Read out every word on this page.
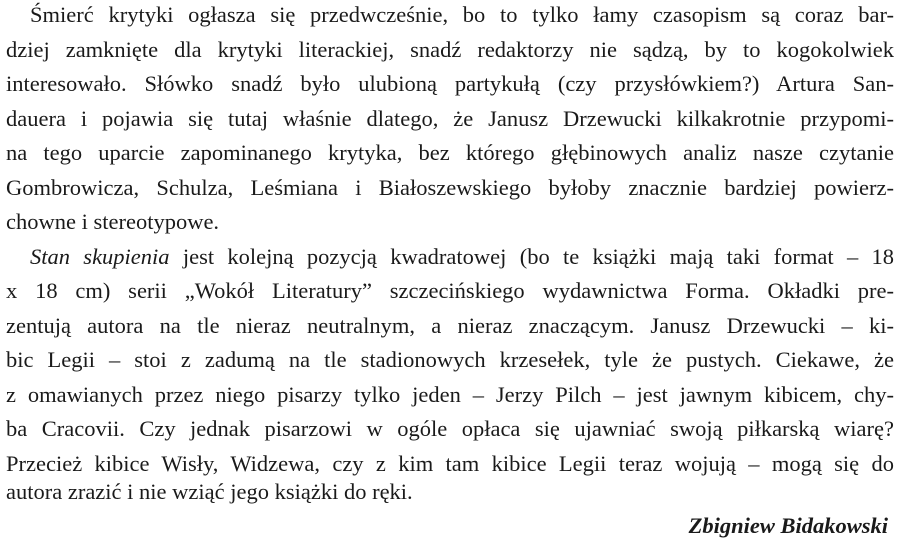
Śmierć krytyki ogłasza się przedwcześnie, bo to tylko łamy czasopism są coraz bar-
dziej zamknięte dla krytyki literackiej, snadź redaktorzy nie sądzą, by to kogokolwiek
interesowało. Słówko snadź było ulubioną partykułą (czy przysłówkiem?) Artura San-
dauera i pojawia się tutaj właśnie dlatego, że Janusz Drzewucki kilkakrotnie przypomi-
na tego uparcie zapominanego krytyka, bez którego głębinowych analiz nasze czytanie
Gombrowicza, Schulza, Leśmiana i Białoszewskiego byłoby znacznie bardziej powierz-
chowne i stereotypowe.
Stan skupienia jest kolejną pozycją kwadratowej (bo te książki mają taki format – 18
x 18 cm) serii „Wokół Literatury” szczecińskiego wydawnictwa Forma. Okładki pre-
zentują autora na tle nieraz neutralnym, a nieraz znaczącym. Janusz Drzewucki – ki-
bic Legii – stoi z zadumą na tle stadionowych krzesełek, tyle że pustych. Ciekawe, że
z omawianych przez niego pisarzy tylko jeden – Jerzy Pilch – jest jawnym kibicem, chy-
ba Cracovii. Czy jednak pisarzowi w ogóle opłaca się ujawniać swoją piłkarską wiarę?
Przecież kibice Wisły, Widzewa, czy z kim tam kibice Legii teraz wojują – mogą się do
autora zrazić i nie wziąć jego książki do ręki.
Zbigniew Bidakowski
